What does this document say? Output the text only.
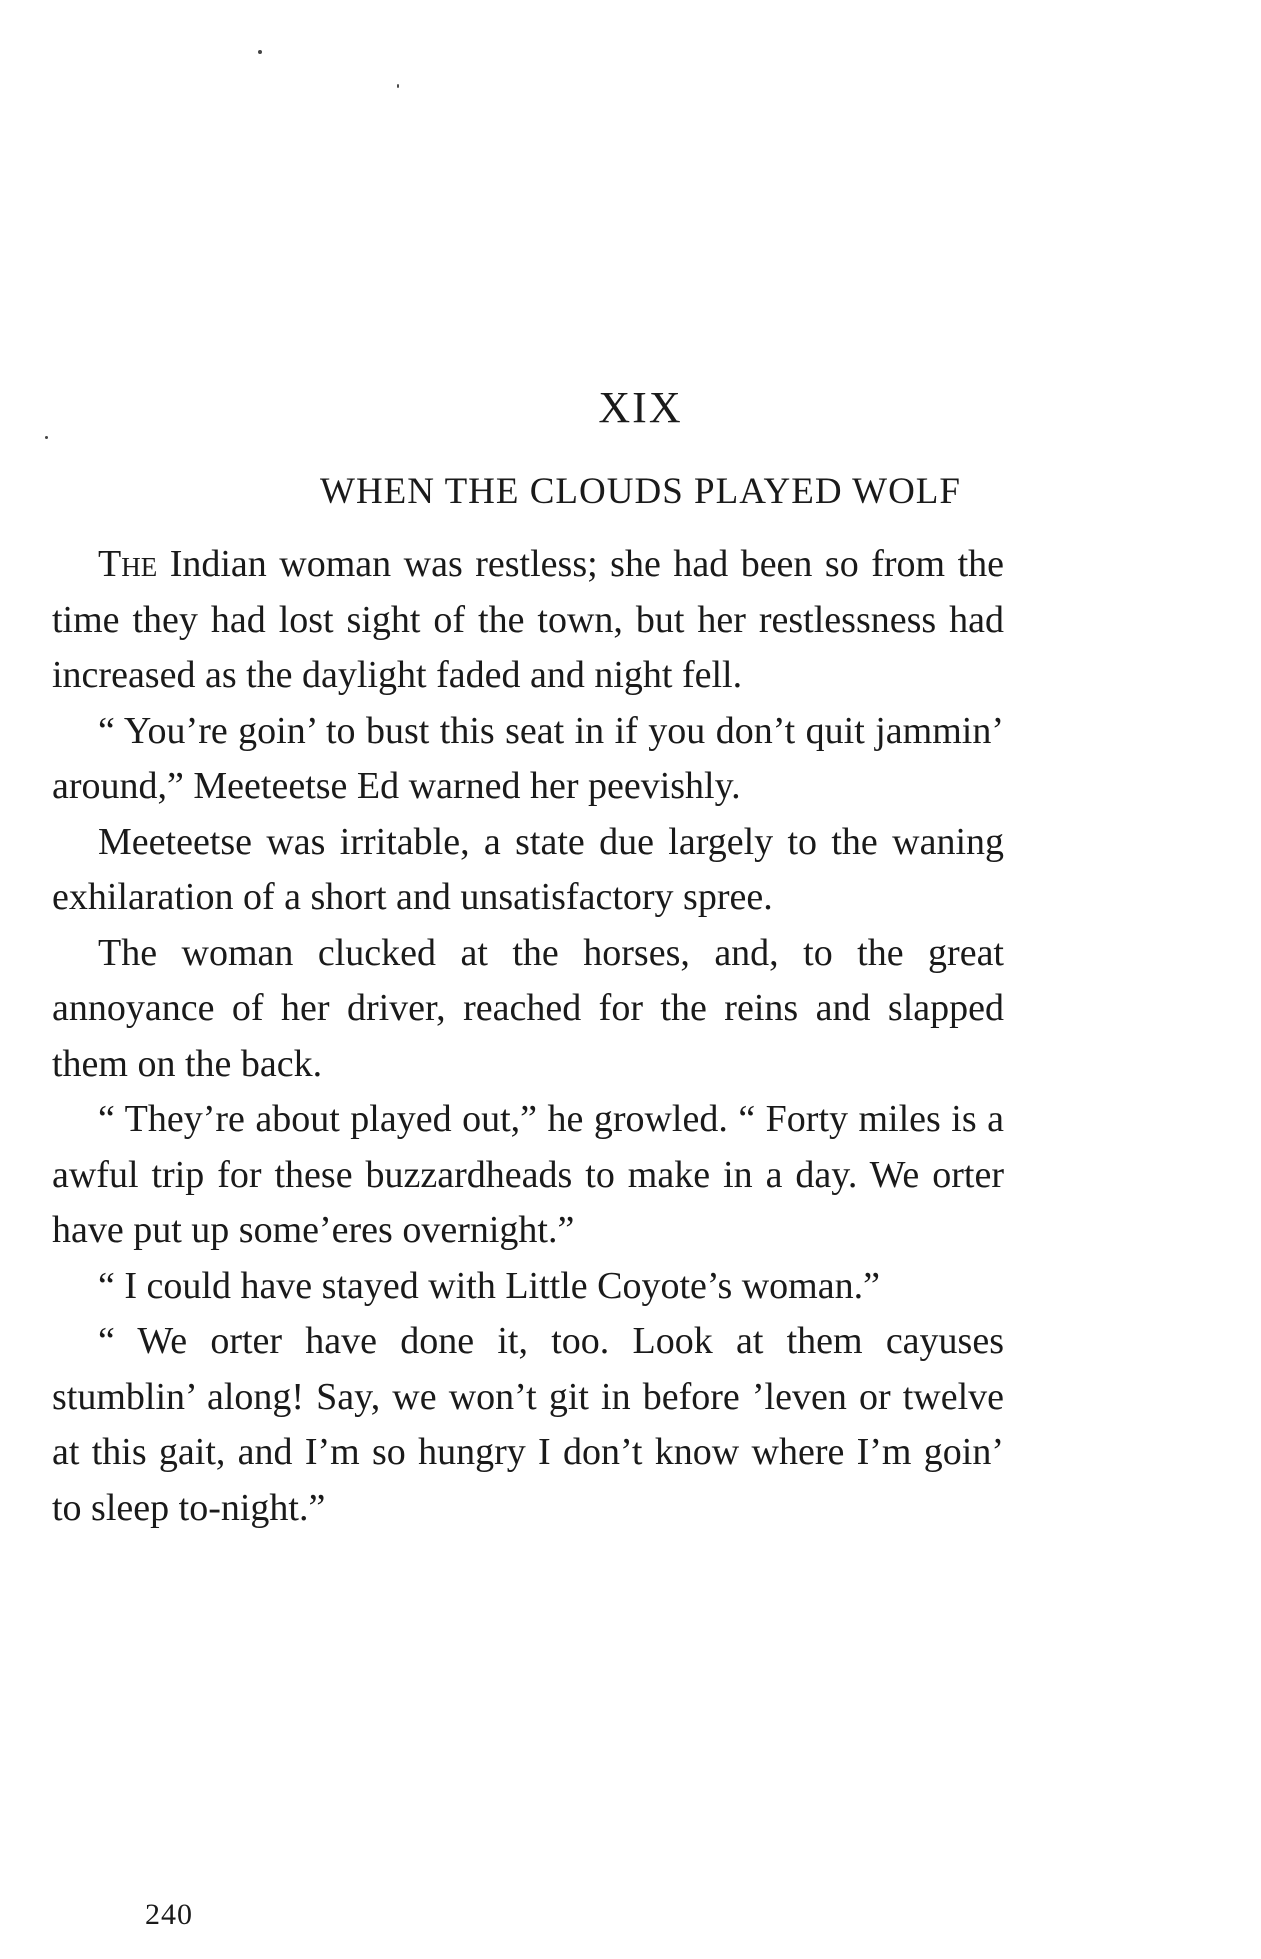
XIX
WHEN THE CLOUDS PLAYED WOLF

The Indian woman was restless; she had been so from the time they had lost sight of the town, but her restlessness had increased as the daylight faded and night fell.

“ You’re goin’ to bust this seat in if you don’t quit jammin’ around,” Meeteetse Ed warned her peevishly.

Meeteetse was irritable, a state due largely to the waning exhilaration of a short and unsatisfactory spree.

The woman clucked at the horses, and, to the great annoyance of her driver, reached for the reins and slapped them on the back.

“ They’re about played out,” he growled. “ Forty miles is a awful trip for these buzzardheads to make in a day. We orter have put up some’eres overnight.”

“ I could have stayed with Little Coyote’s woman.”

“ We orter have done it, too. Look at them cayuses stumblin’ along! Say, we won’t git in before ’leven or twelve at this gait, and I’m so hungry I don’t know where I’m goin’ to sleep to-night.”

240
